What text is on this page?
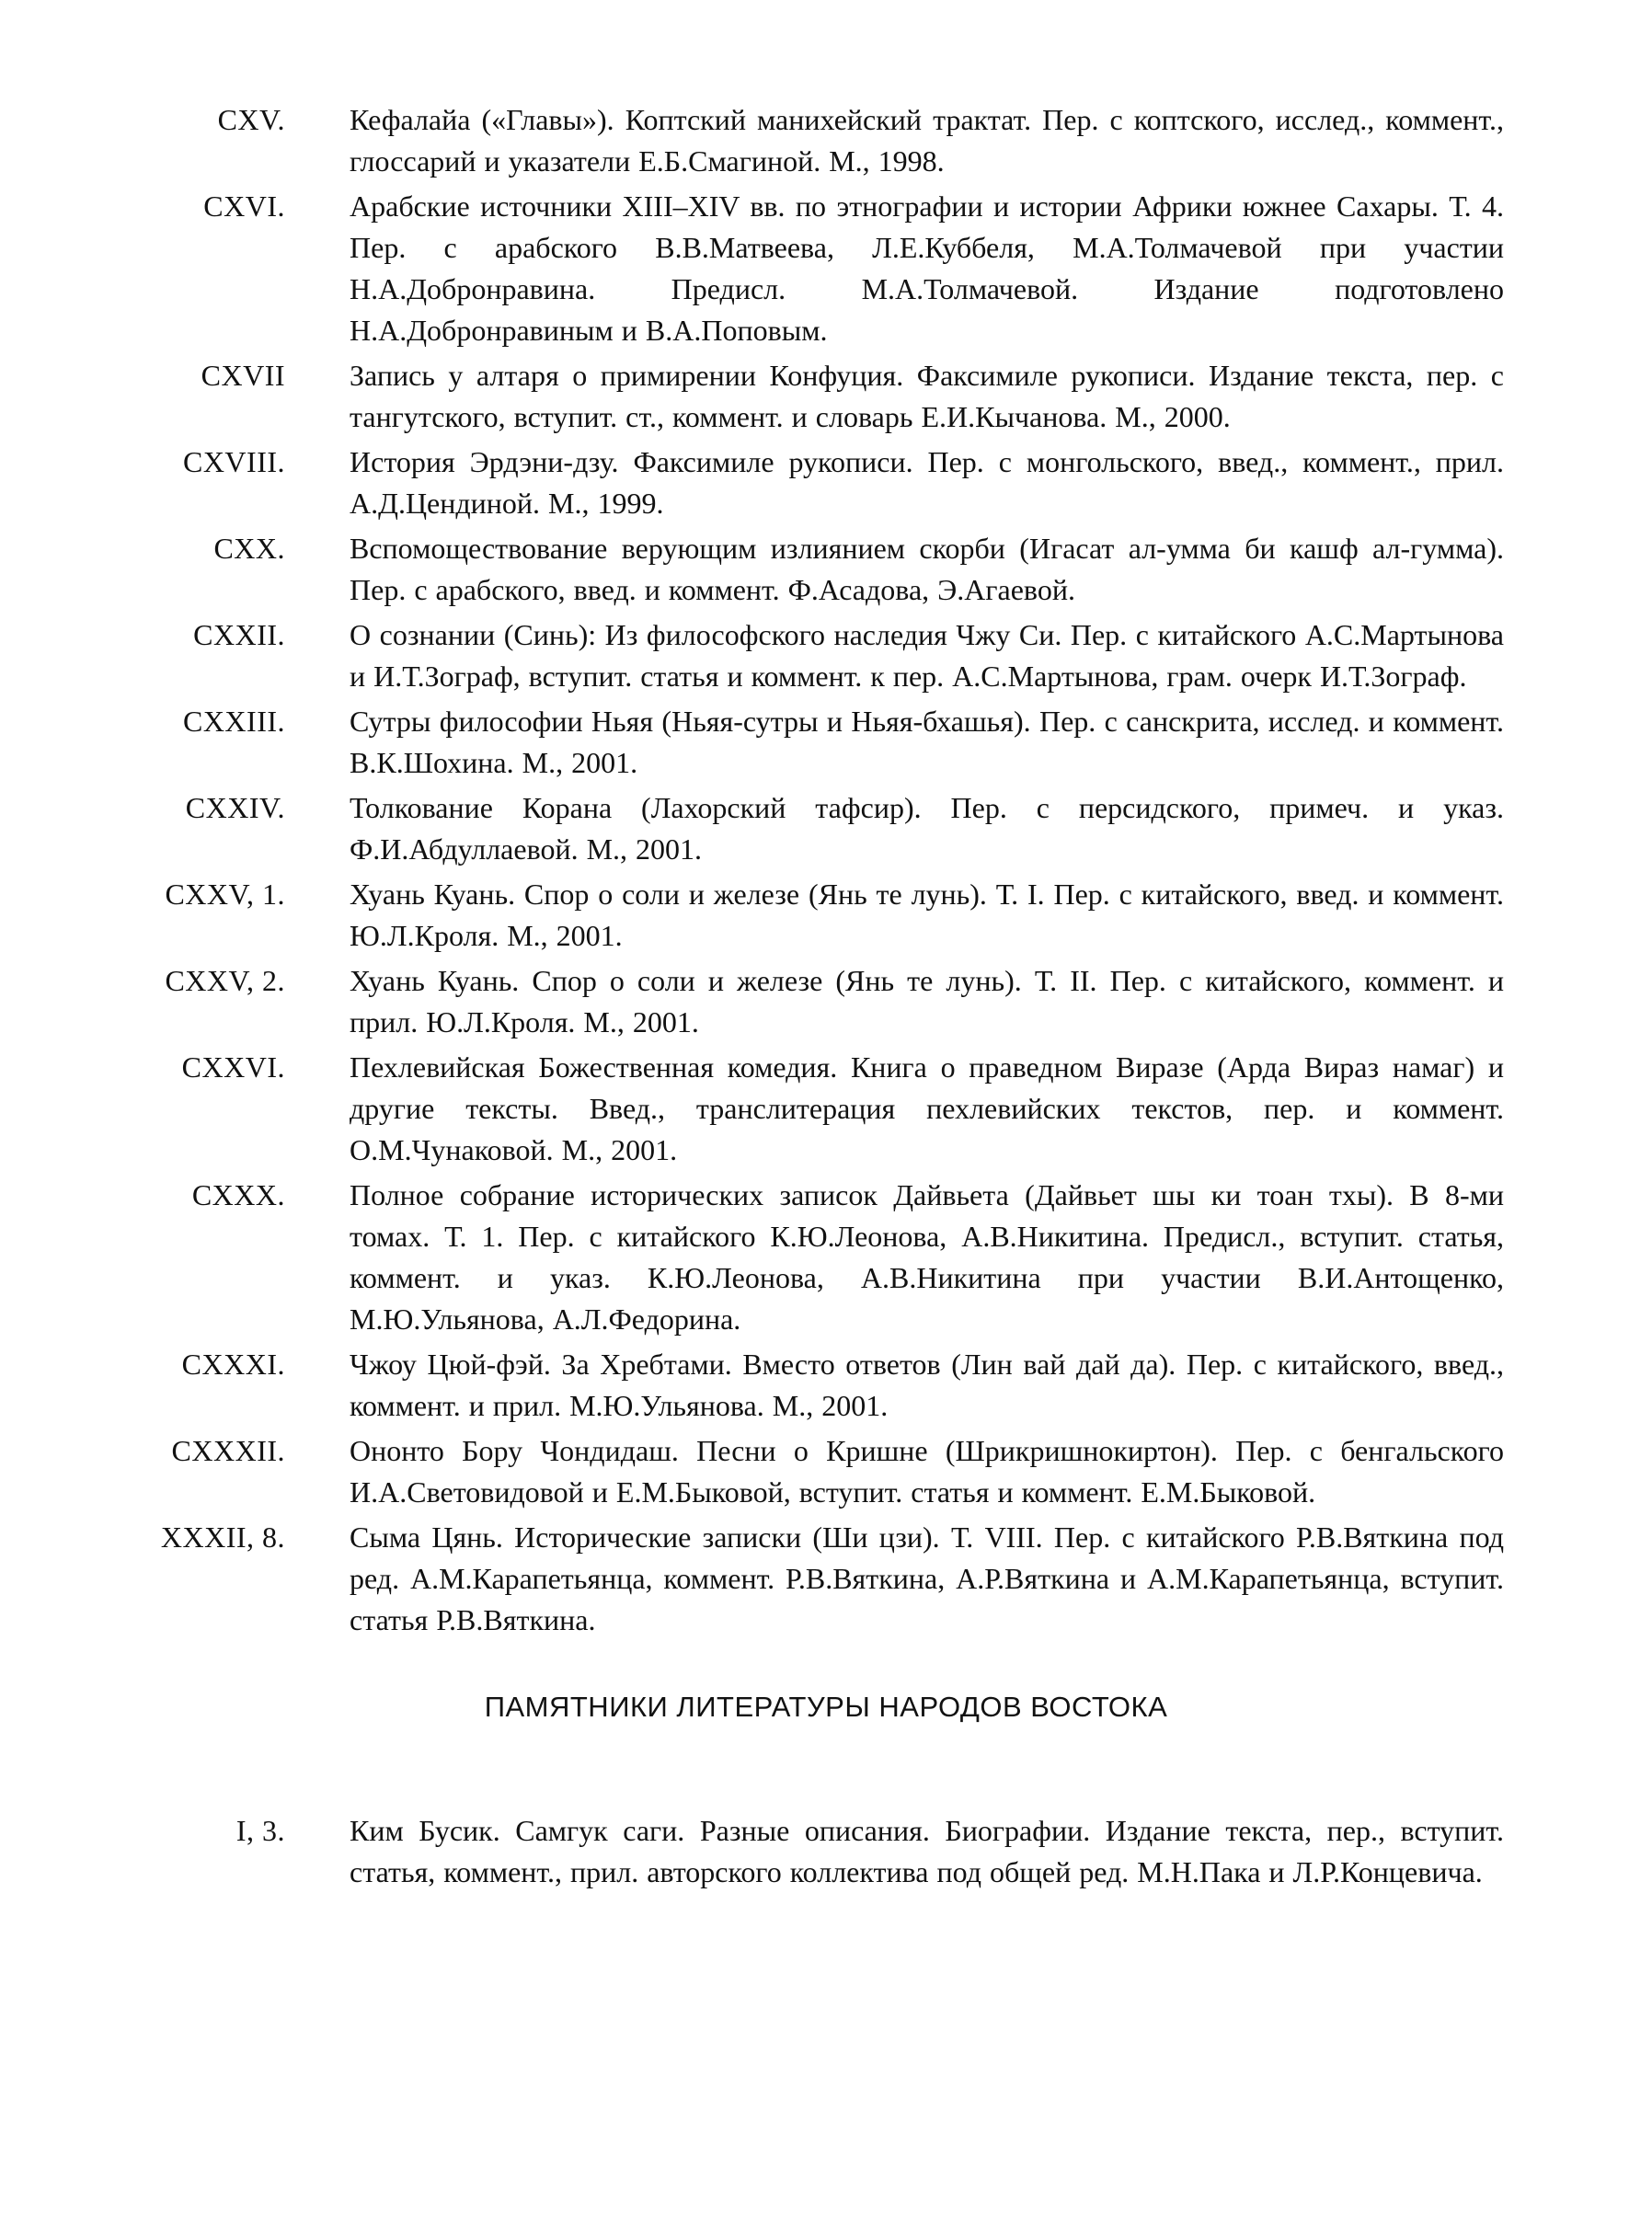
CXV. Кефалайа («Главы»). Коптский манихейский трактат. Пер. с коптского, исслед., коммент., глоссарий и указатели Е.Б.Смагиной. М., 1998.
CXVI. Арабские источники XIII–XIV вв. по этнографии и истории Африки южнее Сахары. Т. 4. Пер. с арабского В.В.Матвеева, Л.Е.Куббеля, М.А.Толмачевой при участии Н.А.Добронравина. Предисл. М.А.Толмачевой. Издание подготовлено Н.А.Добронравиным и В.А.Поповым.
CXVII Запись у алтаря о примирении Конфуция. Факсимиле рукописи. Издание текста, пер. с тангутского, вступит. ст., коммент. и словарь Е.И.Кычанова. М., 2000.
CXVIII. История Эрдэни-дзу. Факсимиле рукописи. Пер. с монгольского, введ., коммент., прил. А.Д.Цендиной. М., 1999.
CXX. Вспомоществование верующим излиянием скорби (Игасат ал-умма би кашф ал-гумма). Пер. с арабского, введ. и коммент. Ф.Асадова, Э.Агаевой.
CXXII. О сознании (Синь): Из философского наследия Чжу Си. Пер. с китайского А.С.Мартынова и И.Т.Зограф, вступит. статья и коммент. к пер. А.С.Мартынова, грам. очерк И.Т.Зограф.
CXXIII. Сутры философии Ньяя (Ньяя-сутры и Ньяя-бхашья). Пер. с санскрита, исслед. и коммент. В.К.Шохина. М., 2001.
CXXIV. Толкование Корана (Лахорский тафсир). Пер. с персидского, примеч. и указ. Ф.И.Абдуллаевой. М., 2001.
CXXV, 1. Хуань Куань. Спор о соли и железе (Янь те лунь). Т. I. Пер. с китайского, введ. и коммент. Ю.Л.Кроля. М., 2001.
CXXV, 2. Хуань Куань. Спор о соли и железе (Янь те лунь). Т. II. Пер. с китайского, коммент. и прил. Ю.Л.Кроля. М., 2001.
CXXVI. Пехлевийская Божественная комедия. Книга о праведном Виразе (Арда Вираз намаг) и другие тексты. Введ., транслитерация пехлевийских текстов, пер. и коммент. О.М.Чунаковой. М., 2001.
CXXX. Полное собрание исторических записок Дайвьета (Дайвьет шы ки тоан тхы). В 8-ми томах. Т. 1. Пер. с китайского К.Ю.Леонова, А.В.Никитина. Предисл., вступит. статья, коммент. и указ. К.Ю.Леонова, А.В.Никитина при участии В.И.Антощенко, М.Ю.Ульянова, А.Л.Федорина.
CXXXI. Чжоу Цюй-фэй. За Хребтами. Вместо ответов (Лин вай дай да). Пер. с китайского, введ., коммент. и прил. М.Ю.Ульянова. М., 2001.
CXXXII. Ононто Бору Чондидаш. Песни о Кришне (Шрикришнокиртон). Пер. с бенгальского И.А.Световидовой и Е.М.Быковой, вступит. статья и коммент. Е.М.Быковой.
XXXII, 8. Сыма Цянь. Исторические записки (Ши цзи). Т. VIII. Пер. с китайского Р.В.Вяткина под ред. А.М.Карапетьянца, коммент. Р.В.Вяткина, А.Р.Вяткина и А.М.Карапетьянца, вступит. статья Р.В.Вяткина.
ПАМЯТНИКИ ЛИТЕРАТУРЫ НАРОДОВ ВОСТОКА
I, 3. Ким Бусик. Самгук саги. Разные описания. Биографии. Издание текста, пер., вступит. статья, коммент., прил. авторского коллектива под общей ред. М.Н.Пака и Л.Р.Концевича.
